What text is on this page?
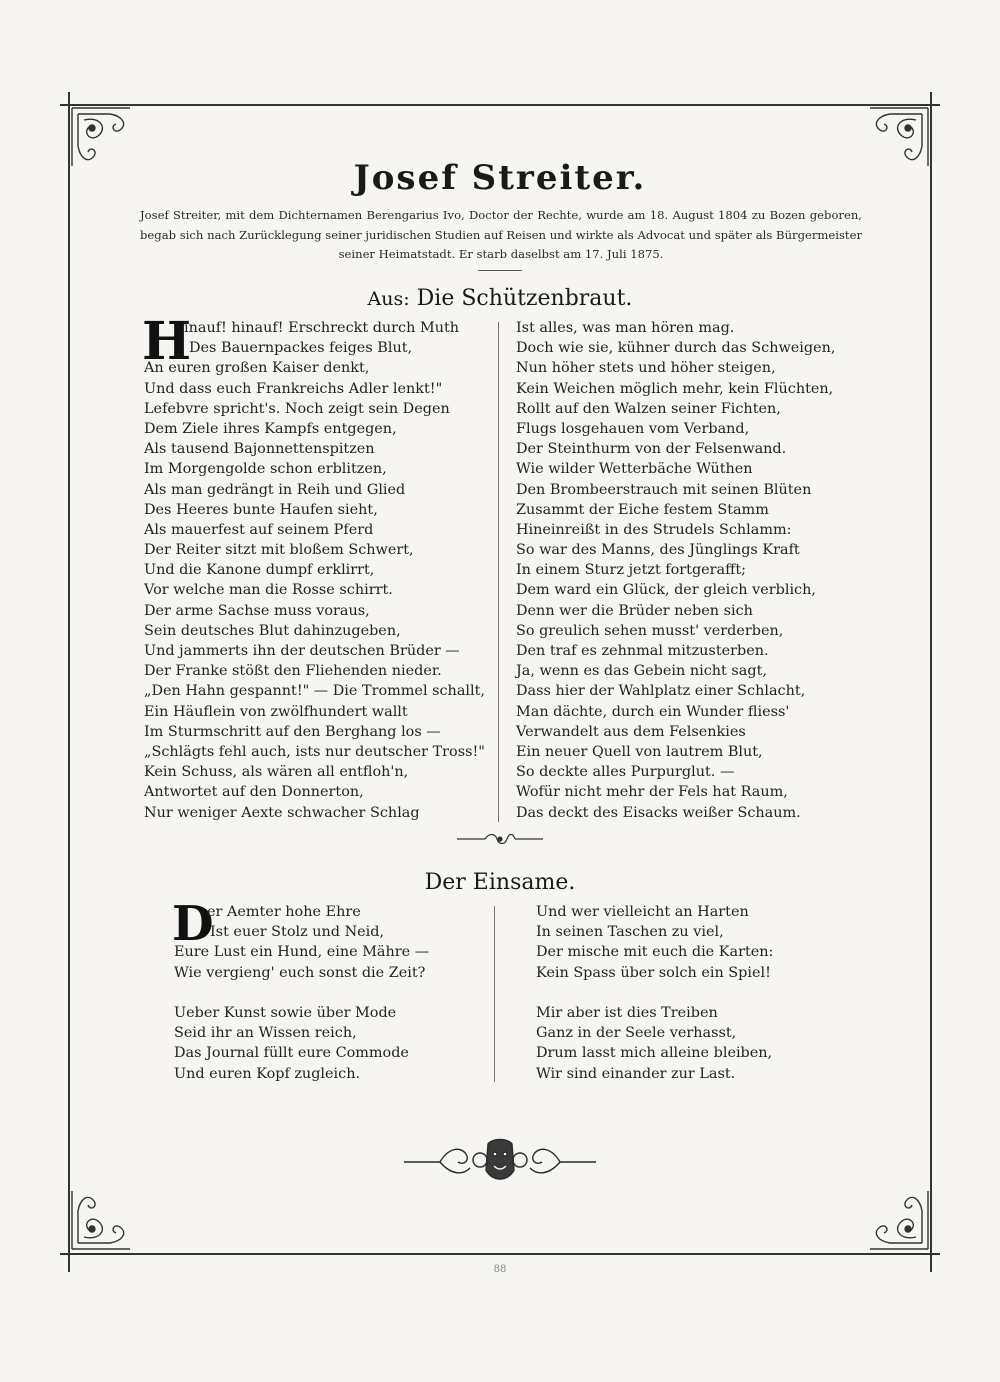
Josef Streiter.
Josef Streiter, mit dem Dichternamen Berengarius Ivo, Doctor der Rechte, wurde am 18. August 1804 zu Bozen geboren, begab sich nach Zurücklegung seiner juridischen Studien auf Reisen und wirkte als Advocat und später als Bürgermeister seiner Heimatstadt. Er starb daselbst am 17. Juli 1875.
Aus: Die Schützenbraut.
H
inauf! hinauf! Erschreckt durch Muth
Des Bauernpackes feiges Blut,
An euren großen Kaiser denkt,
Und dass euch Frankreichs Adler lenkt!"
Lefebvre spricht's. Noch zeigt sein Degen
Dem Ziele ihres Kampfs entgegen,
Als tausend Bajonnettenspitzen
Im Morgengolde schon erblitzen,
Als man gedrängt in Reih und Glied
Des Heeres bunte Haufen sieht,
Als mauerfest auf seinem Pferd
Der Reiter sitzt mit bloßem Schwert,
Und die Kanone dumpf erklirrt,
Vor welche man die Rosse schirrt.
Der arme Sachse muss voraus,
Sein deutsches Blut dahinzugeben,
Und jammerts ihn der deutschen Brüder —
Der Franke stößt den Fliehenden nieder.
„Den Hahn gespannt!" — Die Trommel schallt,
Ein Häuflein von zwölfhundert wallt
Im Sturmschritt auf den Berghang los —
„Schlägts fehl auch, ists nur deutscher Tross!"
Kein Schuss, als wären all entfloh'n,
Antwortet auf den Donnerton,
Nur weniger Aexte schwacher Schlag
Ist alles, was man hören mag.
Doch wie sie, kühner durch das Schweigen,
Nun höher stets und höher steigen,
Kein Weichen möglich mehr, kein Flüchten,
Rollt auf den Walzen seiner Fichten,
Flugs losgehauen vom Verband,
Der Steinthurm von der Felsenwand.
Wie wilder Wetterbäche Wüthen
Den Brombeerstrauch mit seinen Blüten
Zusammt der Eiche festem Stamm
Hineinreißt in des Strudels Schlamm:
So war des Manns, des Jünglings Kraft
In einem Sturz jetzt fortgerafft;
Dem ward ein Glück, der gleich verblich,
Denn wer die Brüder neben sich
So greulich sehen musst' verderben,
Den traf es zehnmal mitzusterben.
Ja, wenn es das Gebein nicht sagt,
Dass hier der Wahlplatz einer Schlacht,
Man dächte, durch ein Wunder fliess'
Verwandelt aus dem Felsenkies
Ein neuer Quell von lautrem Blut,
So deckte alles Purpurglut. —
Wofür nicht mehr der Fels hat Raum,
Das deckt des Eisacks weißer Schaum.
Der Einsame.
D
er Aemter hohe Ehre
Ist euer Stolz und Neid,
Eure Lust ein Hund, eine Mähre —
Wie vergieng' euch sonst die Zeit?
Ueber Kunst sowie über Mode
Seid ihr an Wissen reich,
Das Journal füllt eure Commode
Und euren Kopf zugleich.
Und wer vielleicht an Harten
In seinen Taschen zu viel,
Der mische mit euch die Karten:
Kein Spass über solch ein Spiel!
Mir aber ist dies Treiben
Ganz in der Seele verhasst,
Drum lasst mich alleine bleiben,
Wir sind einander zur Last.
88
